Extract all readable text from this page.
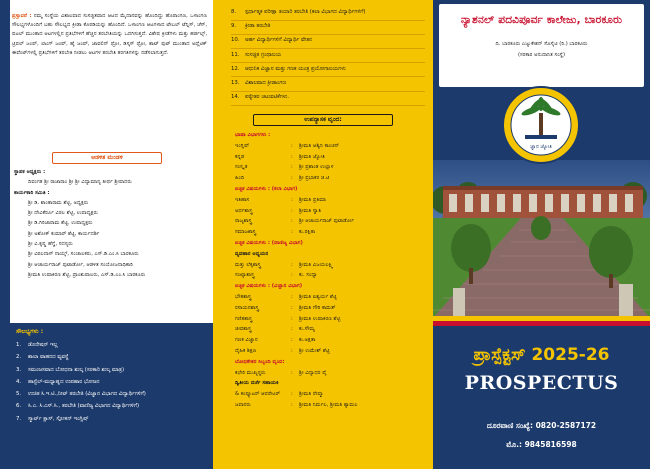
ಪ್ರಸ್ತಾವನೆ : ನಮ್ಮ ಸಂಸ್ಥೆಯ ವಿಶಾಲವಾದ ಸುಸಜ್ಜಿತವಾದ ಆಟದ ಮೈದಾನವನ್ನು ಹೊಂದಿದ್ದು ಹೊರಾಂಗಣ, ಒಳಾಂಗಣ ಸೌಲಭ್ಯಗಳೊಂದಿಗೆ ಬಹು ಸೌಲಭ್ಯದ ಕ್ರೀಡಾ ಕೊಠಡಿಯನ್ನು ಹೊಂದಿದೆ. ಒಳಾಂಗಣ ಆಟಗಳಾದ ಟೇಬಲ್ ಟೆನ್ನಿಸ್, ಚೆಸ್, ಷಟಲ್ ಮುಂತಾದ ಆಟಗಳಲ್ಲಿನ ಪ್ರತಿಭೆಗಳಿಗೆ ಹೆಚ್ಚಿನ ತರಬೇತಿಯನ್ನು ಒದಗಿಸುತ್ತದೆ. ವಿಶೇಷ ಕ್ರೀಡೆಗಳು ಮತ್ತು ಹರ್ಡಲ್ಸ್, ಟ್ರಿಪಲ್ ಜಂಪ್, ಲಾಂಗ್ ಜಂಪ್, ಹೈ ಜಂಪ್, ಜಾವಲಿನ್ ಥ್ರೋ, ಡಿಸ್ಕಸ್ ಥ್ರೋ, ಶಾಟ್ ಪುಟ್ ಮುಂತಾದ ಅಥ್ಲೆಟಿಕ್ ಈವೆಂಟ್‌ಗಳಲ್ಲಿ ಪ್ರತಿಭೆಗಳಿಗೆ ತರಬೇತಿ ನೀಡಲು ಆಟಗಳ ತರಬೇತಿ ತರಗತಿಗಳನ್ನು ನಡೆಸಲಾಗುತ್ತದೆ.
ಆಡಳಿತ ಮಂಡಳಿ
ಸ್ಥಾಪಕ ಅಧ್ಯಕ್ಷರು :
ದಿವಂಗತ ಶ್ರೀ ರಾಜಾರಾಂ ಶ್ರೀ ಶ್ರೀ ವಿದ್ಯಾಮಾನ್ಯ ತೀರ್ಥ ಶ್ರೀಪಾದರು
ಕಾರ್ಯಕಾರಿ ಸಮಿತಿ :
ಶ್ರೀ ಡಿ. ಶಾಂತಾರಾಮ ಶೆಟ್ಟಿ, ಅಧ್ಯಕ್ಷರು
ಶ್ರೀ ದೇವಿಕೆರ್ರೂ ವಿಠಲ ಶೆಟ್ಟಿ, ಉಪಾಧ್ಯಕ್ಷರು
ಶ್ರೀ ಡಿ.ಗಿರಿಜಾರಾಮ ಶೆಟ್ಟಿ, ಉಪಾಧ್ಯಕ್ಷರು
ಶ್ರೀ ಅಶೋಕ್ ಕುಮಾರ್ ಶೆಟ್ಟಿ, ಕಾರ್ಯದರ್ಶಿ
ಶ್ರೀ ವಿ.ಕೃಷ್ಣ ಹೆಗ್ಡೆ, ಸದಸ್ಯರು
ಶ್ರೀ ವಿಠಲದಾಸ್ ನಾಯ್ಕ್, ಸಂಚಾಲಕರು, ಎಸ್.ಡಿ.ಎಂ.ಸಿ ಬಾರಕೂರು
ಶ್ರೀ ಆಚಾರ್ಯರಾಜ್ ಫುಟಾರ್ಡೋ, ಆಡಳಿತ ಸಂಯೋಜನಾಧಿಕಾರಿ
ಶ್ರೀಮತಿ ಉಷಾಕಿರಣ ಶೆಟ್ಟಿ, ಪ್ರಾಂಶುಪಾಲರು, ಎಸ್.ಡಿ.ಎಂ.ಸಿ ಬಾರಕೂರು
ಸೌಲಭ್ಯಗಳು :
1. ಡೊನೇಷನ್ ಇಲ್ಲ
2. ಶಾಲಾ ವಾಹನದ ವ್ಯವಸ್ಥೆ
3. ಸಮಂಜಸವಾದ ಬೋಧನಾ ಶುಲ್ಕ (ಸರಕಾರಿ ಶುಲ್ಕ ಮಾತ್ರ)
4. ಹಾಸ್ಟೆಲ್-ಮಧ್ಯಾಹ್ನದ ಉಪಹಾರ ಭೋಜನ
5. ಉಚಿತ ಸಿ.ಇ.ಟಿ.,ನೀಟ್ ತರಬೇತಿ (ವಿಜ್ಞಾನ ವಿಭಾಗದ ವಿದ್ಯಾರ್ಥಿಗಳಿಗೆ)
6. ಸಿ.ಎ. ಸಿ.ಎಸ್.ಸಿ., ತರಬೇತಿ (ವಾಣಿಜ್ಯ ವಿಭಾಗದ ವಿದ್ಯಾರ್ಥಿಗಳಿಗೆ)
7. ಸ್ಮಾರ್ಟ್ ಕ್ಲಾಸ್, ಸ್ಪೋಕನ್ ಇಂಗ್ಲಿಷ್
8. ಸ್ಪರ್ಧಾತ್ಮಕ ಪರೀಕ್ಷಾ ತಯಾರಿ ತರಬೇತಿ (ಕಲಾ ವಿಭಾಗದ ವಿದ್ಯಾರ್ಥಿಗಳಿಗೆ)
9. ಕ್ರೀಡಾ ತರಬೇತಿ
10. ಅರ್ಹ ವಿದ್ಯಾರ್ಥಿಗಳಿಗೆ ವಿದ್ಯಾರ್ಥಿ ವೇತನ
11. ಸುಸಜ್ಜಿತ ಗ್ರಂಥಾಲಯ
12. ಆಧುನಿಕ ವಿಜ್ಞಾನ ಮತ್ತು ಗಣಕ ಯಂತ್ರ ಪ್ರಯೋಗಾಲಯಗಳು
13. ವಿಶಾಲವಾದ ಕ್ರೀಡಾಂಗಣ
14. ಪಠ್ಯೇತರ ಚಟುವಟಿಕೆಗಳು.
ಉಪನ್ಯಾಸಕ ವೃಂದ:
ಭಾಷಾ ವಿಭಾಗಗಳು :
ಇಂಗ್ಲಿಷ್	: ಶ್ರೀಮತಿ ಆಶ್ವಿನಿ ಕಾಂಚನ್
ಕನ್ನಡ	: ಶ್ರೀಮತಿ ಜ್ಯೋತಿ
ಸಂಸ್ಕೃತ	: ಶ್ರೀ ಪ್ರಶಾಂತ ಉಲ್ಲಾಳ
ಹಿಂದಿ	: ಶ್ರೀ ಪ್ರಭಾಕರ ಜಿ.ಟಿ
ಐಚ್ಛಿಕ ವಿಷಯಗಳು : (ಕಲಾ ವಿಭಾಗ)
ಇತಿಹಾಸ	: ಶ್ರೀಮತಿ ಪ್ರತಿಮಾ
ಅರ್ಥಶಾಸ್ತ್ರ	: ಶ್ರೀಮತಿ ಸ್ವಾತಿ
ರಾಜ್ಯಶಾಸ್ತ್ರ	: ಶ್ರೀ ಆಚಾರ್ಯರಾಜ್ ಫುಟಾರ್ಡೋ
ಸಮಾಜಶಾಸ್ತ್ರ	: ಕು.ರಕ್ಷಿತಾ
ಐಚ್ಛಿಕ ವಿಷಯಗಳು : (ವಾಣಿಜ್ಯ ವಿಭಾಗ)
ವ್ಯವಹಾರ ಅಧ್ಯಯನ
ಮತ್ತು ಲೆಕ್ಕಶಾಸ್ತ್ರ	: ಶ್ರೀಮತಿ ವಿಜಯಲಕ್ಷ್ಮಿ
ಸಂಖ್ಯಾಶಾಸ್ತ್ರ	: ಕು. ಸಂಧ್ಯಾ
ಐಚ್ಛಿಕ ವಿಷಯಗಳು : (ವಿಜ್ಞಾನ ವಿಭಾಗ)
ಭೌತಶಾಸ್ತ್ರ	: ಶ್ರೀಮತಿ ಐಶ್ವರ್ಯ ಶೆಟ್ಟಿ
ರಸಾಯನಶಾಸ್ತ್ರ	: ಶ್ರೀಮತಿ ಗೌರಿ ಕಾಮತ್
ಗಣಿತಶಾಸ್ತ್ರ	: ಶ್ರೀಮತಿ ಉಷಾಕಿರಣ ಶೆಟ್ಟಿ
ಜೀವಶಾಸ್ತ್ರ	: ಕು.ಸೌಮ್ಯ
ಗಣಕ ವಿಜ್ಞಾನ	: ಕು.ಅಕ್ಷತಾ
ದೈಹಿಕ ಶಿಕ್ಷಣ	: ಶ್ರೀ ಉಮೇಶ್ ಶೆಟ್ಟಿ
ಬೋಧಕೇತರ ಸಿಬ್ಬಂದಿ ವೃಂದ:
ಕಛೇರಿ ಮುಖ್ಯಸ್ಥರು	: ಶ್ರೀ ವಿದ್ಯಾಧರ ಪೈ
ದ್ವಿತೀಯ ದರ್ಜೆ ಸಹಾಯಕಿ
& ಕಂಪ್ಯೂಟರ್ ಆಪರೇಟರ್	: ಶ್ರೀಮತಿ ರೇಷ್ಮಾ
ಜವಾನರು	: ಶ್ರೀಮತಿ ನಿರ್ಮಲ, ಶ್ರೀಮತಿ ಶ್ಯಾಮಲ
ನ್ಯಾಶನಲ್ ಪದವಿಪೂರ್ವ ಕಾಲೇಜು, ಬಾರಕೂರು
ದಿ. ಬಾರಕೂರು ಎಜ್ಯುಕೇಶನ್ ಸೊಸೈಟಿ (ರಿ.) ಬಾರಕೂರು
(ಸರಕಾರ ಅನುದಾನಿತ ಸಂಸ್ಥೆ)
ಜ್ಞಾನ ಜ್ಯೋತಿ
ಪ್ರಾಸ್ಪೆಕ್ಟಸ್ 2025-26
PROSPECTUS
ದೂರವಾಣಿ ಸಂಖ್ಯೆ: 0820-2587172
ಮೊ.: 9845816598
